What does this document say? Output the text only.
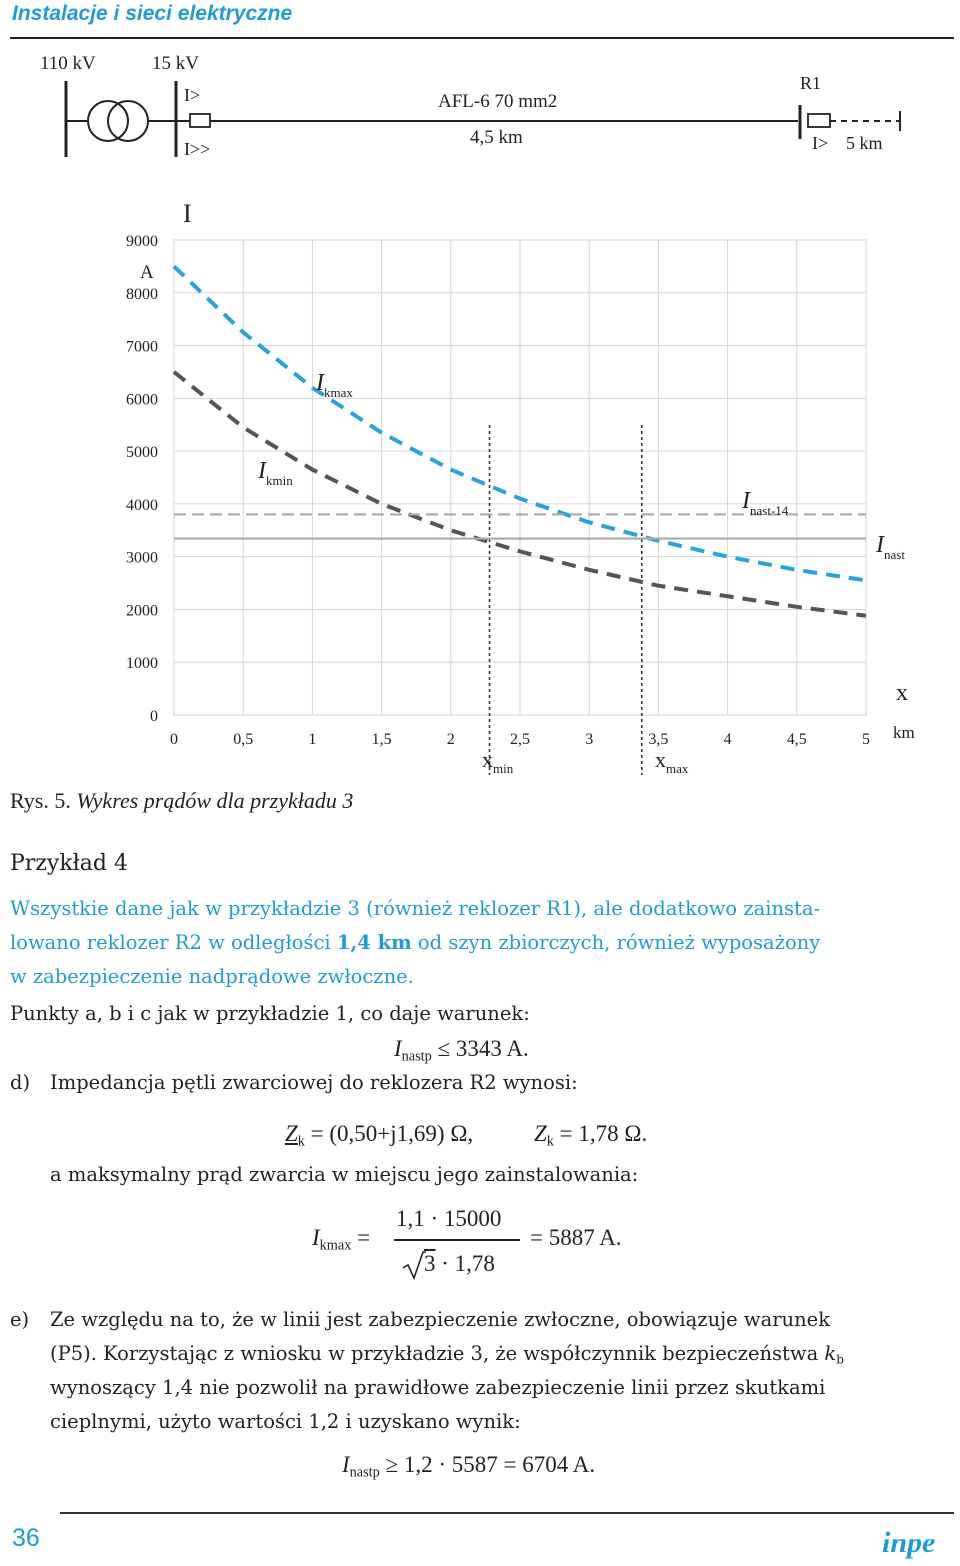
Instalacje i sieci elektryczne
110 kV	15 kV
I>
I>>
AFL-6 70 mm2
4,5 km
R1
I> 5 km
0
1000
2000
3000
4000
5000
6000
7000
8000
9000
0	0,5	1	1,5	2	2,5	3	3,5	4	4,5	5
I
A
x
km
$x_{min}$	$x_{max}$
$I_{kmax}$
$I_{kmin}$
$I_{nast-14}$
$I_{nast}$
Rys. 5. Wykres prądów dla przykładu 3
Przykład 4
Wszystkie dane jak w przykładzie 3 (również reklozer R1), ale dodatkowo zainsta-
lowano reklozer R2 w odległości 1,4 km od szyn zbiorczych, również wyposażony
w zabezpieczenie nadprądowe zwłoczne.
Punkty a, b i c jak w przykładzie 1, co daje warunek:
$I_{nastp} \le 3343$ A.
d) Impedancja pętli zwarciowej do reklozera R2 wynosi:
$Z_k = (0,50+j1,69)$ Ω,	$Z_k = 1,78$ Ω.
a maksymalny prąd zwarcia w miejscu jego zainstalowania:
$I_{kmax}$ =
1,1 · 15000
3 · 1,78
= 5887 A.
e) Ze względu na to, że w linii jest zabezpieczenie zwłoczne, obowiązuje warunek
(P5). Korzystając z wniosku w przykładzie 3, że współczynnik bezpieczeństwa $k_b$
wynoszący 1,4 nie pozwolił na prawidłowe zabezpieczenie linii przez skutkami
cieplnymi, użyto wartości 1,2 i uzyskano wynik:
$I_{nastp} \ge 1,2 \cdot 5587 = 6704$ A.
36	inpe
